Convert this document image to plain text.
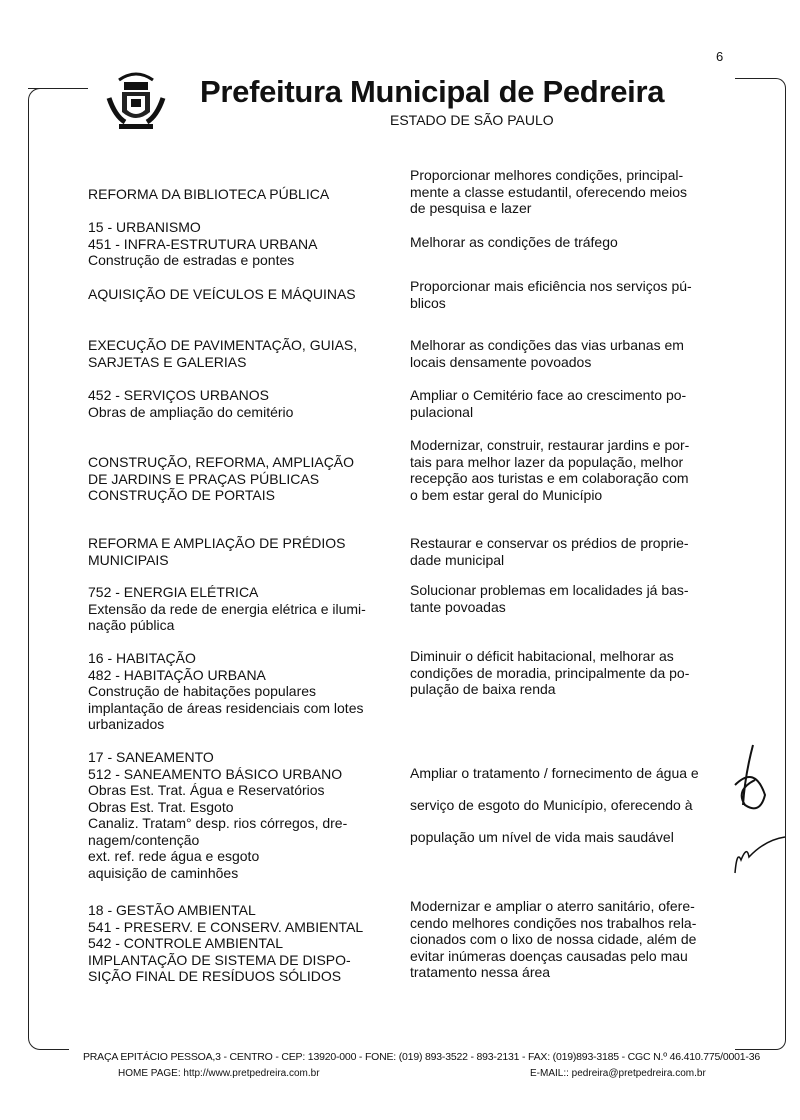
Prefeitura Municipal de Pedreira
6
ESTADO DE SÃO PAULO
REFORMA DA BIBLIOTECA PÚBLICA
Proporcionar melhores condições, principal-
mente a classe estudantil, oferecendo meios
de pesquisa e lazer
15 - URBANISMO
451 - INFRA-ESTRUTURA URBANA
Construção de estradas e pontes
Melhorar as condições de tráfego
AQUISIÇÃO DE VEÍCULOS E MÁQUINAS	Proporcionar mais eficiência nos serviços pú-
blicos
EXECUÇÃO DE PAVIMENTAÇÃO, GUIAS,
SARJETAS E GALERIAS
Melhorar as condições das vias urbanas em
locais densamente povoados
452 - SERVIÇOS URBANOS
Obras de ampliação do cemitério
Ampliar o Cemitério face ao crescimento po-
pulacional
CONSTRUÇÃO, REFORMA, AMPLIAÇÃO
DE JARDINS E PRAÇAS PÚBLICAS
CONSTRUÇÃO DE PORTAIS
Modernizar, construir, restaurar jardins e por-
tais para melhor lazer da população, melhor
recepção aos turistas e em colaboração com
o bem estar geral do Município
REFORMA E AMPLIAÇÃO DE PRÉDIOS
MUNICIPAIS
Restaurar e conservar os prédios de proprie-
dade municipal
752 - ENERGIA ELÉTRICA
Extensão da rede de energia elétrica e ilumi-
nação pública
Solucionar problemas em localidades já bas-
tante povoadas
16 - HABITAÇÃO
482 - HABITAÇÃO URBANA
Construção de habitações populares
implantação de áreas residenciais com lotes
urbanizados
Diminuir o déficit habitacional, melhorar as
condições de moradia, principalmente da po-
pulação de baixa renda
17 - SANEAMENTO
512 - SANEAMENTO BÁSICO URBANO
Obras Est. Trat. Água e Reservatórios
Obras Est. Trat. Esgoto
Canaliz. Tratam° desp. rios córregos, dre-
nagem/contenção
ext. ref. rede água e esgoto
aquisição de caminhões
Ampliar o tratamento / fornecimento de água e
serviço de esgoto do Município, oferecendo à
população um nível de vida mais saudável
18 - GESTÃO AMBIENTAL
541 - PRESERV. E CONSERV. AMBIENTAL
542 - CONTROLE AMBIENTAL
IMPLANTAÇÃO DE SISTEMA DE DISPO-
SIÇÃO FINAL DE RESÍDUOS SÓLIDOS
Modernizar e ampliar o aterro sanitário, ofere-
cendo melhores condições nos trabalhos rela-
cionados com o lixo de nossa cidade, além de
evitar inúmeras doenças causadas pelo mau
tratamento nessa área
PRAÇA EPITÁCIO PESSOA,3 - CENTRO - CEP: 13920-000 - FONE: (019) 893-3522 - 893-2131 - FAX: (019)893-3185 - CGC N.º 46.410.775/0001-36
HOME PAGE: http://www.pretpedreira.com.br	E-MAIL:: pedreira@pretpedreira.com.br
